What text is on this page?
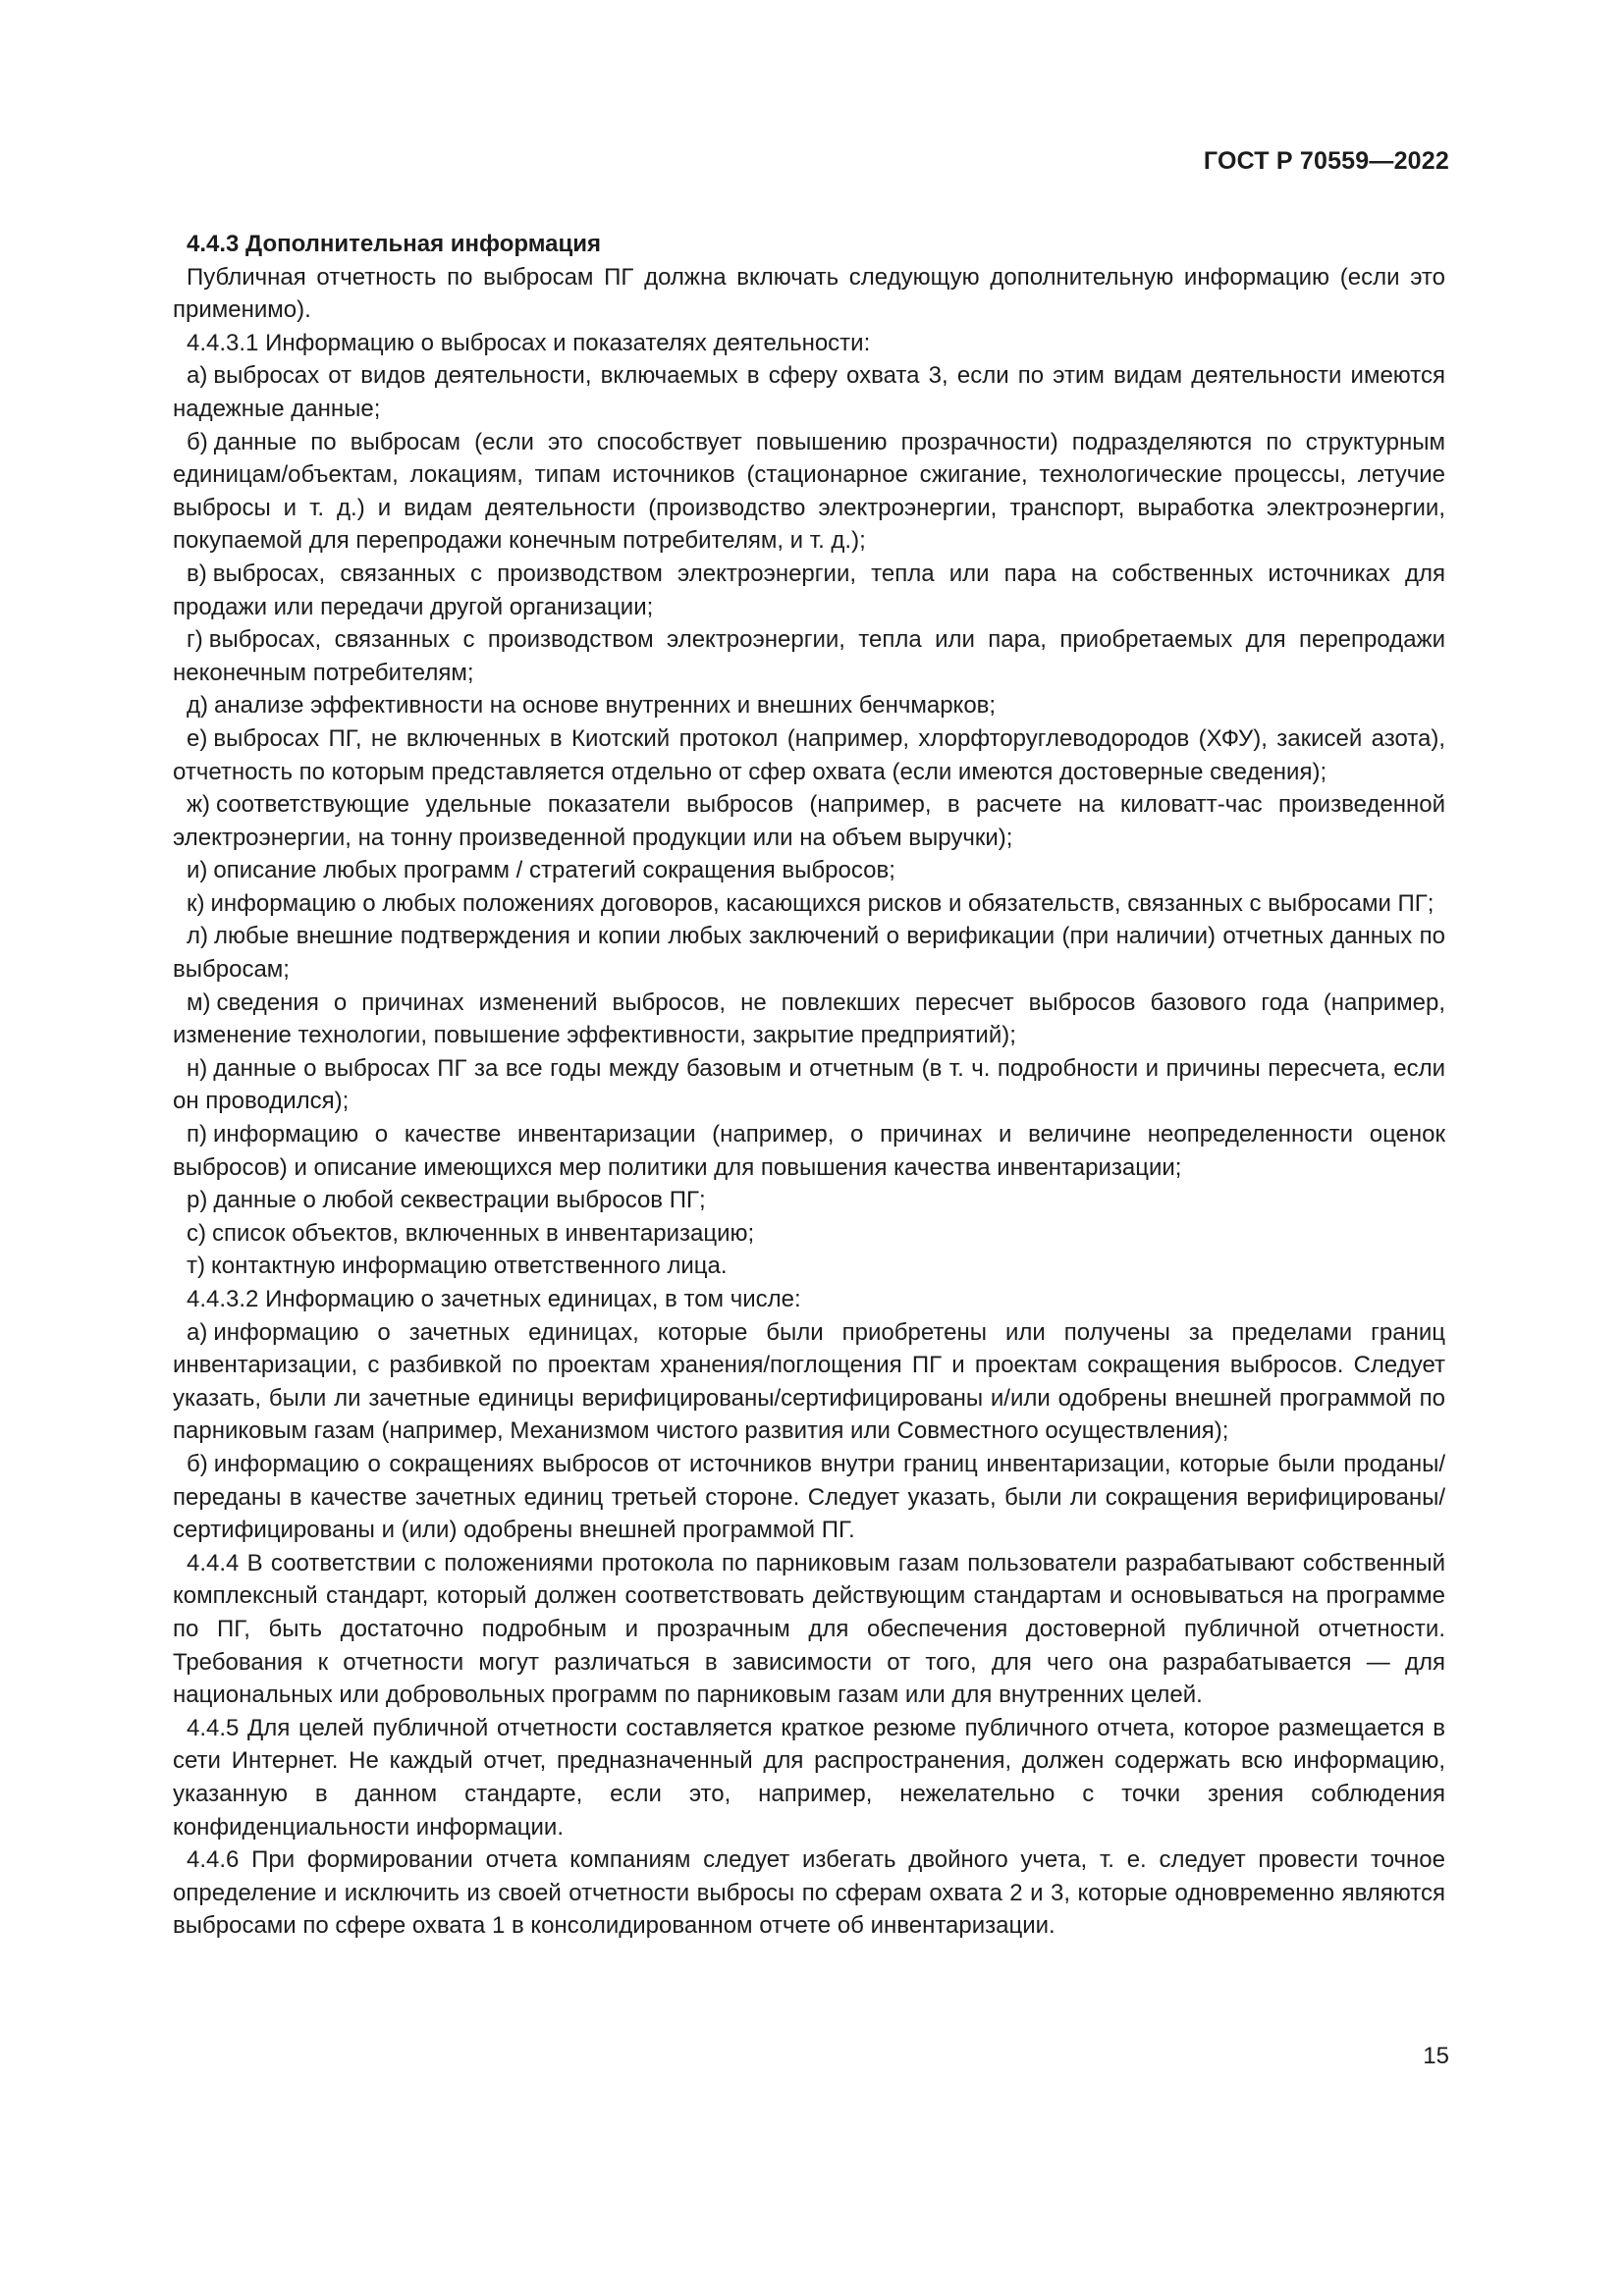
ГОСТ Р 70559—2022

4.4.3 Дополнительная информация

Публичная отчетность по выбросам ПГ должна включать следующую дополнительную информацию (если это применимо).

4.4.3.1 Информацию о выбросах и показателях деятельности:

а) выбросах от видов деятельности, включаемых в сферу охвата 3, если по этим видам деятельности имеются надежные данные;

б) данные по выбросам (если это способствует повышению прозрачности) подразделяются по структурным единицам/объектам, локациям, типам источников (стационарное сжигание, технологические процессы, летучие выбросы и т. д.) и видам деятельности (производство электроэнергии, транспорт, выработка электроэнергии, покупаемой для перепродажи конечным потребителям, и т. д.);

в) выбросах, связанных с производством электроэнергии, тепла или пара на собственных источниках для продажи или передачи другой организации;

г) выбросах, связанных с производством электроэнергии, тепла или пара, приобретаемых для перепродажи неконечным потребителям;

д) анализе эффективности на основе внутренних и внешних бенчмарков;

е) выбросах ПГ, не включенных в Киотский протокол (например, хлорфторуглеводородов (ХФУ), закисей азота), отчетность по которым представляется отдельно от сфер охвата (если имеются достоверные сведения);

ж) соответствующие удельные показатели выбросов (например, в расчете на киловатт-час произведенной электроэнергии, на тонну произведенной продукции или на объем выручки);

и) описание любых программ / стратегий сокращения выбросов;

к) информацию о любых положениях договоров, касающихся рисков и обязательств, связанных с выбросами ПГ;

л) любые внешние подтверждения и копии любых заключений о верификации (при наличии) отчетных данных по выбросам;

м) сведения о причинах изменений выбросов, не повлекших пересчет выбросов базового года (например, изменение технологии, повышение эффективности, закрытие предприятий);

н) данные о выбросах ПГ за все годы между базовым и отчетным (в т. ч. подробности и причины пересчета, если он проводился);

п) информацию о качестве инвентаризации (например, о причинах и величине неопределенности оценок выбросов) и описание имеющихся мер политики для повышения качества инвентаризации;

р) данные о любой секвестрации выбросов ПГ;

с) список объектов, включенных в инвентаризацию;

т) контактную информацию ответственного лица.

4.4.3.2 Информацию о зачетных единицах, в том числе:

а) информацию о зачетных единицах, которые были приобретены или получены за пределами границ инвентаризации, с разбивкой по проектам хранения/поглощения ПГ и проектам сокращения выбросов. Следует указать, были ли зачетные единицы верифицированы/сертифицированы и/или одобрены внешней программой по парниковым газам (например, Механизмом чистого развития или Совместного осуществления);

б) информацию о сокращениях выбросов от источников внутри границ инвентаризации, которые были проданы/переданы в качестве зачетных единиц третьей стороне. Следует указать, были ли сокращения верифицированы/сертифицированы и (или) одобрены внешней программой ПГ.

4.4.4 В соответствии с положениями протокола по парниковым газам пользователи разрабатывают собственный комплексный стандарт, который должен соответствовать действующим стандартам и основываться на программе по ПГ, быть достаточно подробным и прозрачным для обеспечения достоверной публичной отчетности. Требования к отчетности могут различаться в зависимости от того, для чего она разрабатывается — для национальных или добровольных программ по парниковым газам или для внутренних целей.

4.4.5 Для целей публичной отчетности составляется краткое резюме публичного отчета, которое размещается в сети Интернет. Не каждый отчет, предназначенный для распространения, должен содержать всю информацию, указанную в данном стандарте, если это, например, нежелательно с точки зрения соблюдения конфиденциальности информации.

4.4.6 При формировании отчета компаниям следует избегать двойного учета, т. е. следует провести точное определение и исключить из своей отчетности выбросы по сферам охвата 2 и 3, которые одновременно являются выбросами по сфере охвата 1 в консолидированном отчете об инвентаризации.

15
